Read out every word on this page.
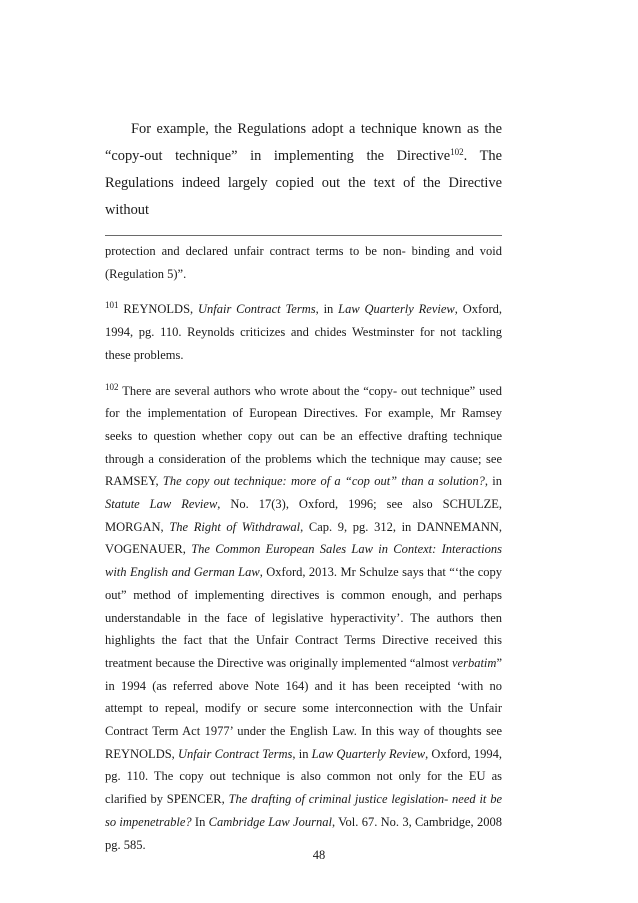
For example, the Regulations adopt a technique known as the “copy-out technique” in implementing the Directive$^{102}$. The Regulations indeed largely copied out the text of the Directive without

protection and declared unfair contract terms to be non- binding and void (Regulation 5)”.

$^{101}$ REYNOLDS, Unfair Contract Terms, in Law Quarterly Review, Oxford, 1994, pg. 110. Reynolds criticizes and chides Westminster for not tackling these problems.

$^{102}$ There are several authors who wrote about the “copy- out technique” used for the implementation of European Directives. For example, Mr Ramsey seeks to question whether copy out can be an effective drafting technique through a consideration of the problems which the technique may cause; see RAMSEY, The copy out technique: more of a “cop out” than a solution?, in Statute Law Review, No. 17(3), Oxford, 1996; see also SCHULZE, MORGAN, The Right of Withdrawal, Cap. 9, pg. 312, in DANNEMANN, VOGENAUER, The Common European Sales Law in Context: Interactions with English and German Law, Oxford, 2013. Mr Schulze says that “‘the copy out” method of implementing directives is common enough, and perhaps understandable in the face of legislative hyperactivity’. The authors then highlights the fact that the Unfair Contract Terms Directive received this treatment because the Directive was originally implemented “almost verbatim” in 1994 (as referred above Note 164) and it has been receipted ‘with no attempt to repeal, modify or secure some interconnection with the Unfair Contract Term Act 1977’ under the English Law. In this way of thoughts see REYNOLDS, Unfair Contract Terms, in Law Quarterly Review, Oxford, 1994, pg. 110. The copy out technique is also common not only for the EU as clarified by SPENCER, The drafting of criminal justice legislation- need it be so impenetrable? In Cambridge Law Journal, Vol. 67. No. 3, Cambridge, 2008 pg. 585.

48
